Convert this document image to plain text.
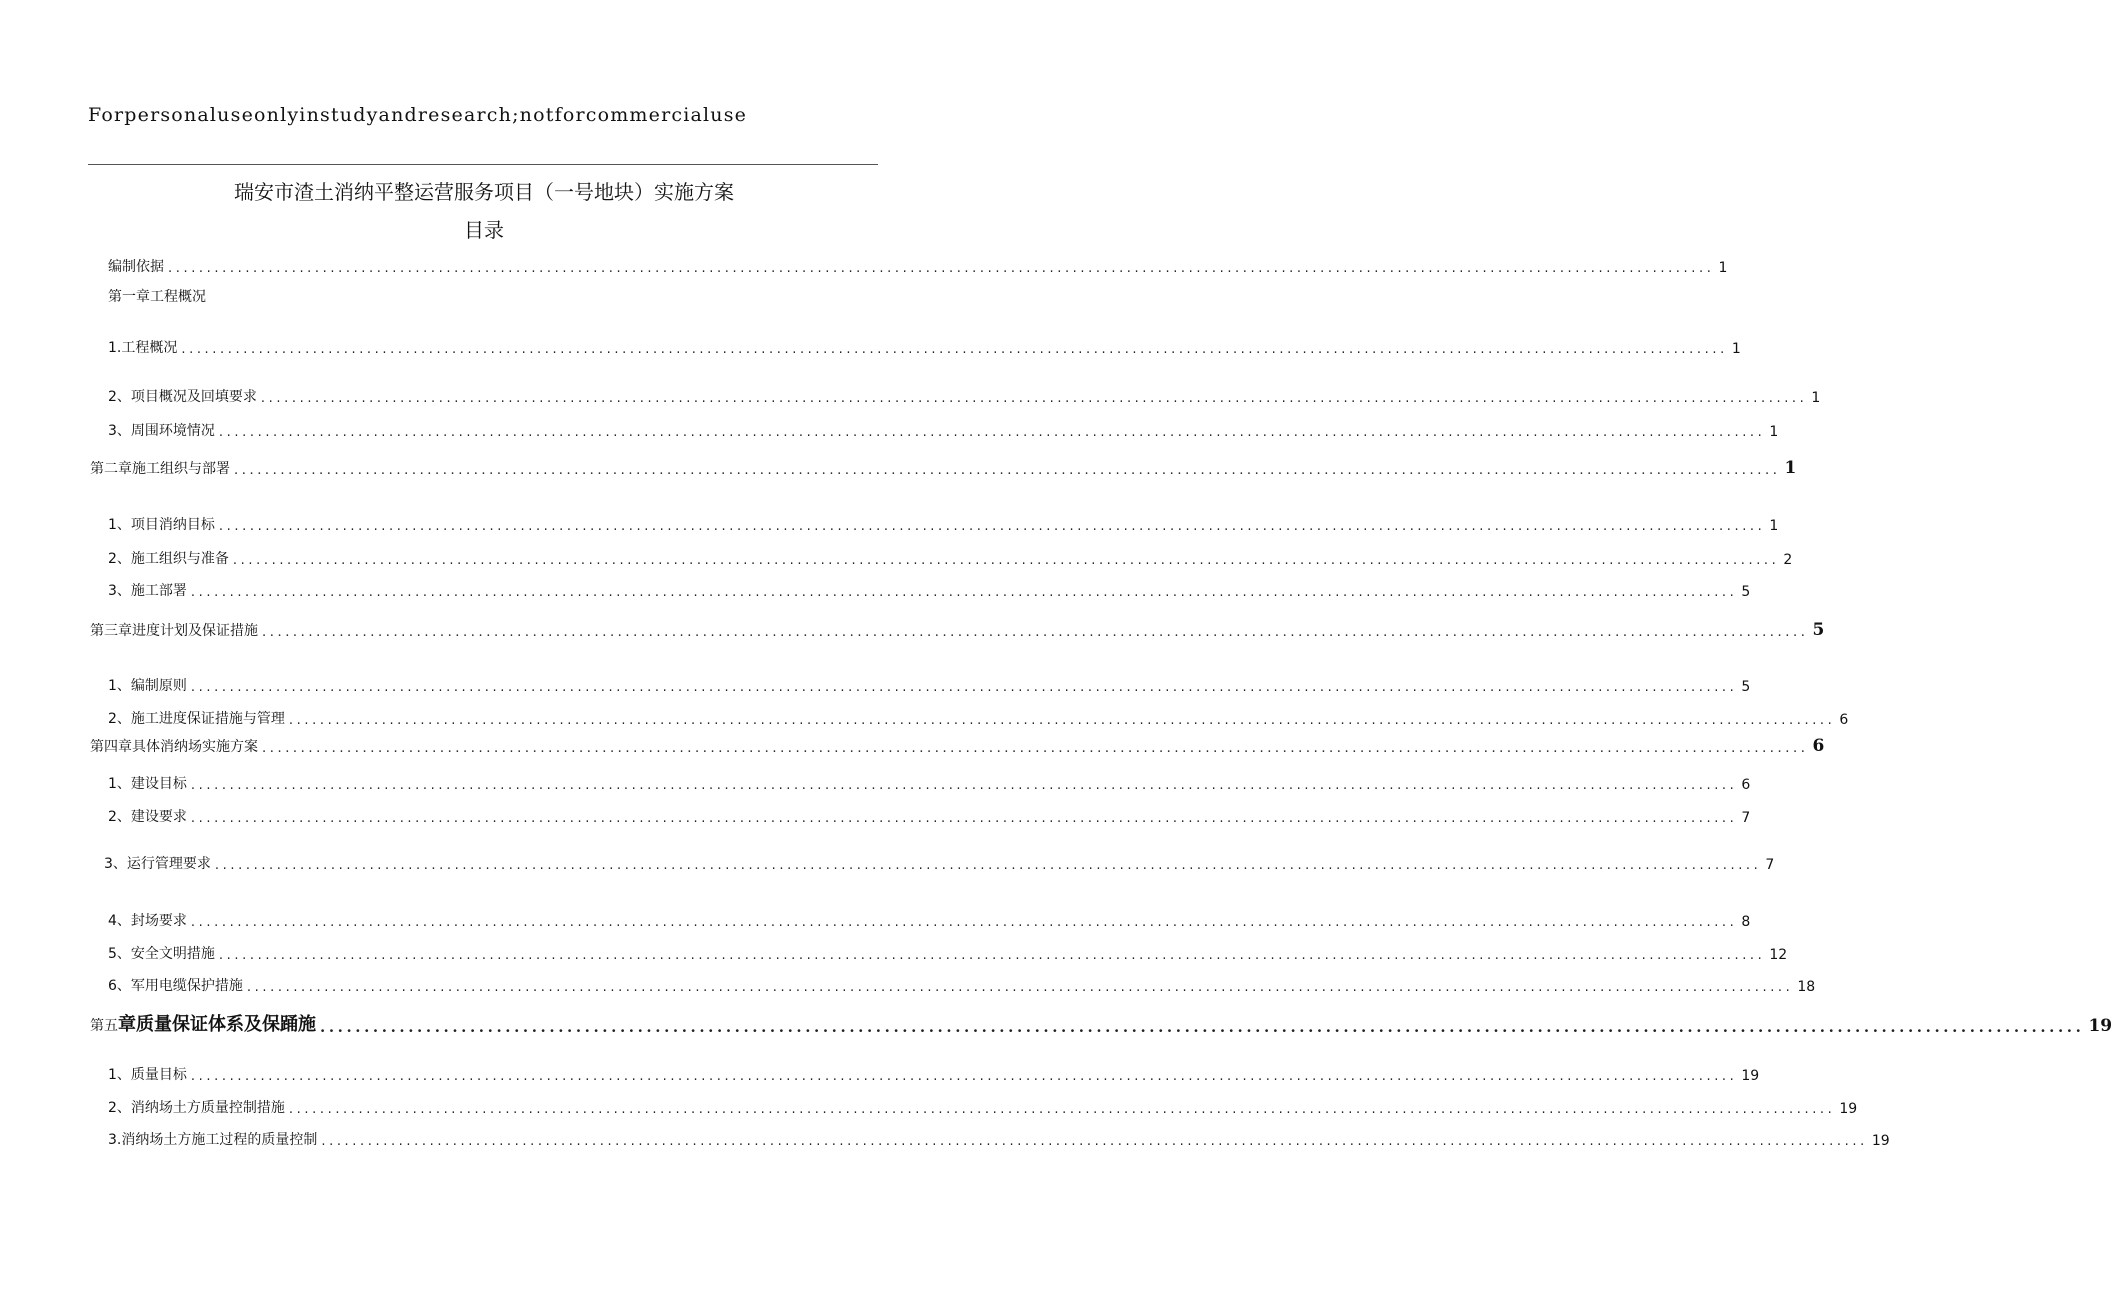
Forpersonaluseonlyinstudyandresearch;notforcommercialuse
瑞安市渣土消纳平整运营服务项目（一号地块）实施方案
目录
编制依据 ........................................................................................................................................................................................................ 1
第一章工程概况
1.工程概况 ........................................................................................................................................................................................................ 1
2、项目概况及回填要求 ........................................................................................................................................................................................................ 1
3、周围环境情况 ........................................................................................................................................................................................................ 1
第二章施工组织与部署 ........................................................................................................................................................................................................ 1
1、项目消纳目标 ........................................................................................................................................................................................................ 1
2、施工组织与准备 ........................................................................................................................................................................................................ 2
3、施工部署 ........................................................................................................................................................................................................ 5
第三章进度计划及保证措施 ........................................................................................................................................................................................................ 5
1、编制原则 ........................................................................................................................................................................................................ 5
2、施工进度保证措施与管理 ........................................................................................................................................................................................................ 6
第四章具体消纳场实施方案 ........................................................................................................................................................................................................ 6
1、建设目标 ........................................................................................................................................................................................................ 6
2、建设要求 ........................................................................................................................................................................................................ 7
3、运行管理要求 ........................................................................................................................................................................................................ 7
4、封场要求 ........................................................................................................................................................................................................ 8
5、安全文明措施 ........................................................................................................................................................................................................ 12
6、军用电缆保护措施 ........................................................................................................................................................................................................ 18
第五章质量保证体系及保踊施 ........................................................................................................................................................................................................ 19
1、质量目标 ........................................................................................................................................................................................................ 19
2、消纳场土方质量控制措施 ........................................................................................................................................................................................................ 19
3.消纳场土方施工过程的质量控制 ........................................................................................................................................................................................................ 19
